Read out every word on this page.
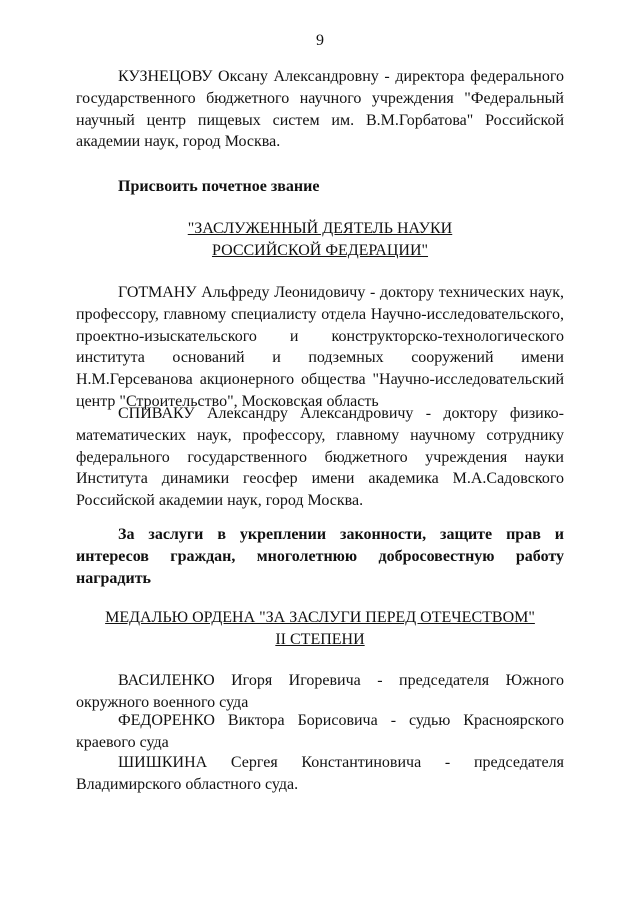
9

КУЗНЕЦОВУ Оксану Александровну - директора федерального государственного бюджетного научного учреждения "Федеральный научный центр пищевых систем им. В.М.Горбатова" Российской академии наук, город Москва.

Присвоить почетное звание

"ЗАСЛУЖЕННЫЙ ДЕЯТЕЛЬ НАУКИ
РОССИЙСКОЙ ФЕДЕРАЦИИ"

ГОТМАНУ Альфреду Леонидовичу - доктору технических наук, профессору, главному специалисту отдела Научно-исследовательского, проектно-изыскательского и конструкторско-технологического института оснований и подземных сооружений имени Н.М.Герсеванова акционерного общества "Научно-исследовательский центр "Строительство", Московская область

СПИВАКУ Александру Александровичу - доктору физико-математических наук, профессору, главному научному сотруднику федерального государственного бюджетного учреждения науки Института динамики геосфер имени академика М.А.Садовского Российской академии наук, город Москва.

За заслуги в укреплении законности, защите прав и интересов граждан, многолетнюю добросовестную работу наградить

МЕДАЛЬЮ ОРДЕНА "ЗА ЗАСЛУГИ ПЕРЕД ОТЕЧЕСТВОМ"
II СТЕПЕНИ

ВАСИЛЕНКО Игоря Игоревича - председателя Южного окружного военного суда

ФЕДОРЕНКО Виктора Борисовича - судью Красноярского краевого суда

ШИШКИНА Сергея Константиновича - председателя Владимирского областного суда.
